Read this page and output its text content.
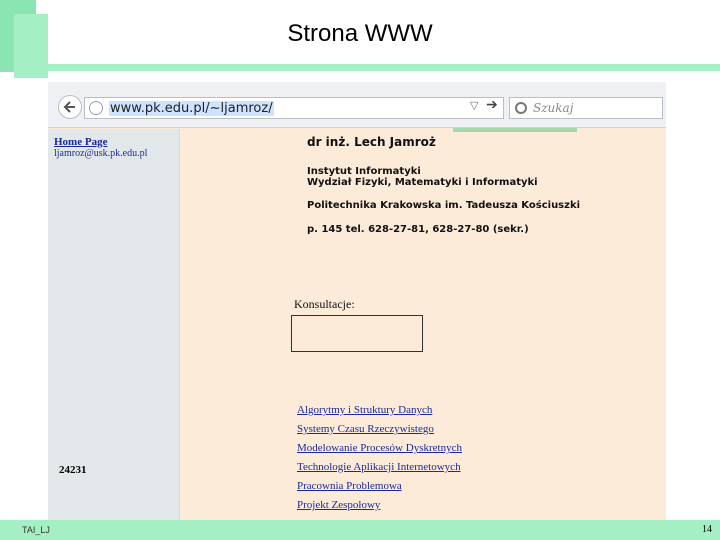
Strona WWW
www.pk.edu.pl/~ljamroz/	▽ ➔	Szukaj
Home Page
ljamroz@usk.pk.edu.pl
24231
dr inż. Lech Jamroż
Instytut Informatyki
Wydział Fizyki, Matematyki i Informatyki
Politechnika Krakowska im. Tadeusza Kościuszki
p. 145 tel. 628-27-81, 628-27-80 (sekr.)
Konsultacje:
Algorytmy i Struktury Danych
Systemy Czasu Rzeczywistego
Modelowanie Procesów Dyskretnych
Technologie Aplikacji Internetowych
Pracownia Problemowa
Projekt Zespołowy
TAI_LJ	14
